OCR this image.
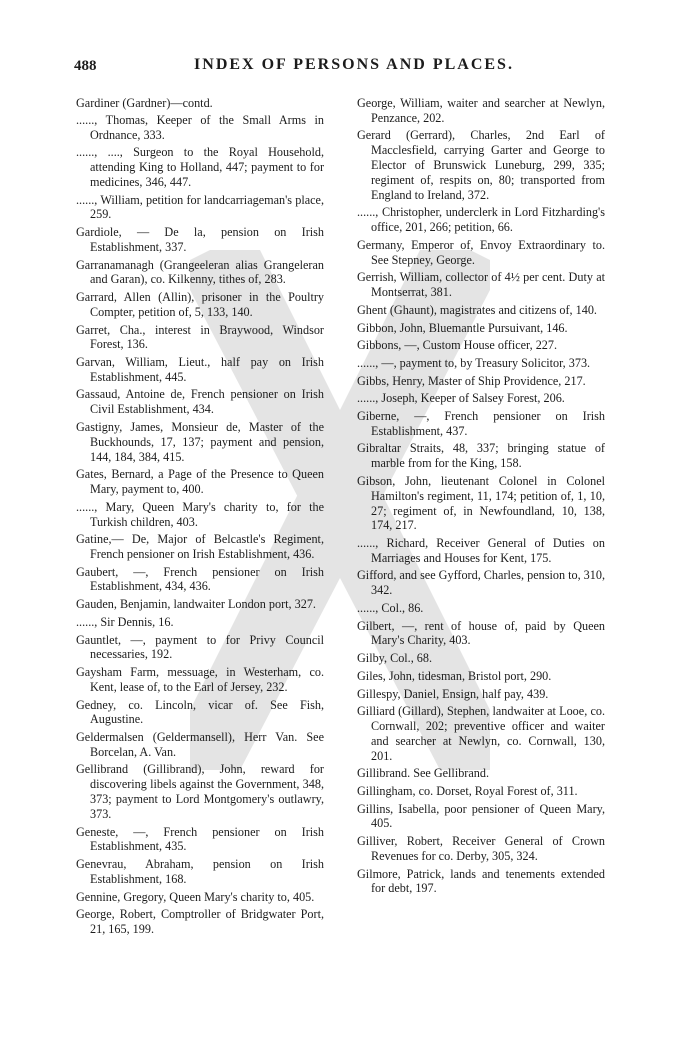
488	INDEX OF PERSONS AND PLACES.

Gardiner (Gardner)—contd.

......, Thomas, Keeper of the Small Arms in Ordnance, 333.

......, ...., Surgeon to the Royal Household, attending King to Holland, 447; payment to for medicines, 346, 447.

......, William, petition for landcarriageman's place, 259.

Gardiole, — De la, pension on Irish Establishment, 337.

Garranamanagh (Grangeeleran alias Grangeleran and Garan), co. Kilkenny, tithes of, 283.

Garrard, Allen (Allin), prisoner in the Poultry Compter, petition of, 5, 133, 140.

Garret, Cha., interest in Braywood, Windsor Forest, 136.

Garvan, William, Lieut., half pay on Irish Establishment, 445.

Gassaud, Antoine de, French pensioner on Irish Civil Establishment, 434.

Gastigny, James, Monsieur de, Master of the Buckhounds, 17, 137; payment and pension, 144, 184, 384, 415.

Gates, Bernard, a Page of the Presence to Queen Mary, payment to, 400.

......, Mary, Queen Mary's charity to, for the Turkish children, 403.

Gatine,— De, Major of Belcastle's Regiment, French pensioner on Irish Establishment, 436.

Gaubert, —, French pensioner on Irish Establishment, 434, 436.

Gauden, Benjamin, landwaiter London port, 327.

......, Sir Dennis, 16.

Gauntlet, —, payment to for Privy Council necessaries, 192.

Gaysham Farm, messuage, in Westerham, co. Kent, lease of, to the Earl of Jersey, 232.

Gedney, co. Lincoln, vicar of. See Fish, Augustine.

Geldermalsen (Geldermansell), Herr Van. See Borcelan, A. Van.

Gellibrand (Gillibrand), John, reward for discovering libels against the Government, 348, 373; payment to Lord Montgomery's outlawry, 373.

Geneste, —, French pensioner on Irish Establishment, 435.

Genevrau, Abraham, pension on Irish Establishment, 168.

Gennine, Gregory, Queen Mary's charity to, 405.

George, Robert, Comptroller of Bridgwater Port, 21, 165, 199.

George, William, waiter and searcher at Newlyn, Penzance, 202.

Gerard (Gerrard), Charles, 2nd Earl of Macclesfield, carrying Garter and George to Elector of Brunswick Luneburg, 299, 335; regiment of, respits on, 80; transported from England to Ireland, 372.

......, Christopher, underclerk in Lord Fitzharding's office, 201, 266; petition, 66.

Germany, Emperor of, Envoy Extraordinary to. See Stepney, George.

Gerrish, William, collector of 4½ per cent. Duty at Montserrat, 381.

Ghent (Ghaunt), magistrates and citizens of, 140.

Gibbon, John, Bluemantle Pursuivant, 146.

Gibbons, —, Custom House officer, 227.

......, —, payment to, by Treasury Solicitor, 373.

Gibbs, Henry, Master of Ship Providence, 217.

......, Joseph, Keeper of Salsey Forest, 206.

Giberne, —, French pensioner on Irish Establishment, 437.

Gibraltar Straits, 48, 337; bringing statue of marble from for the King, 158.

Gibson, John, lieutenant Colonel in Colonel Hamilton's regiment, 11, 174; petition of, 1, 10, 27; regiment of, in Newfoundland, 10, 138, 174, 217.

......, Richard, Receiver General of Duties on Marriages and Houses for Kent, 175.

Gifford, and see Gyfford, Charles, pension to, 310, 342.

......, Col., 86.

Gilbert, —, rent of house of, paid by Queen Mary's Charity, 403.

Gilby, Col., 68.

Giles, John, tidesman, Bristol port, 290.

Gillespy, Daniel, Ensign, half pay, 439.

Gilliard (Gillard), Stephen, landwaiter at Looe, co. Cornwall, 202; preventive officer and waiter and searcher at Newlyn, co. Cornwall, 130, 201.

Gillibrand. See Gellibrand.

Gillingham, co. Dorset, Royal Forest of, 311.

Gillins, Isabella, poor pensioner of Queen Mary, 405.

Gilliver, Robert, Receiver General of Crown Revenues for co. Derby, 305, 324.

Gilmore, Patrick, lands and tenements extended for debt, 197.
